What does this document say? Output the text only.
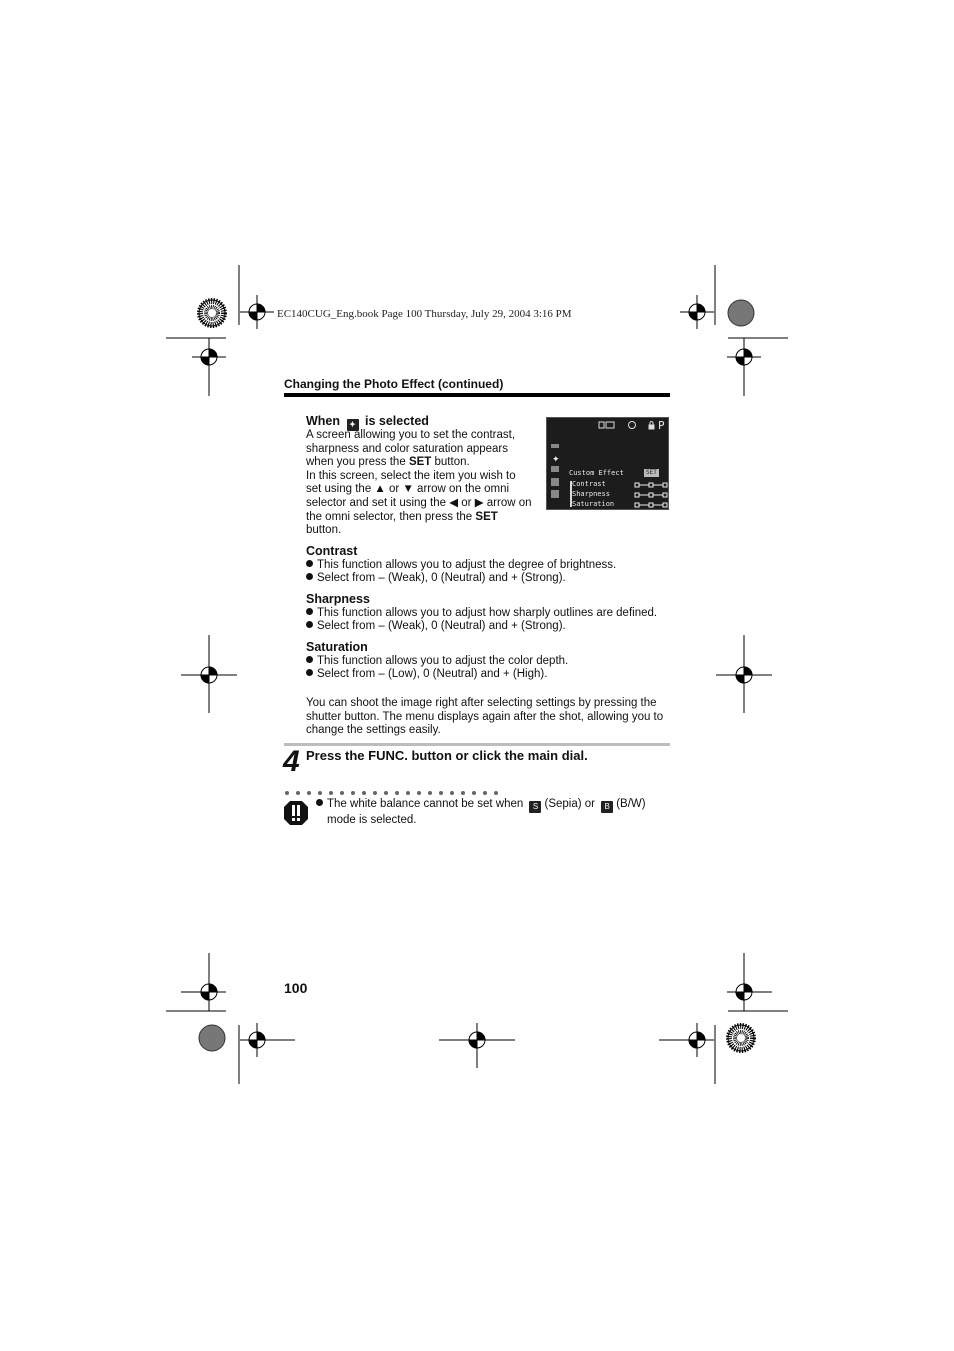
EC140CUG_Eng.book Page 100 Thursday, July 29, 2004 3:16 PM
Changing the Photo Effect (continued)
When ✦ is selected
A screen allowing you to set the contrast, sharpness and color saturation appears when you press the SET button.
In this screen, select the item you wish to set using the ▲ or ▼ arrow on the omni selector and set it using the ◀ or ▶ arrow on the omni selector, then press the SET button.
✦
P
Custom Effect	SET
Contrast
Sharpness
Saturation
Contrast
This function allows you to adjust the degree of brightness.
Select from – (Weak), 0 (Neutral) and + (Strong).
Sharpness
This function allows you to adjust how sharply outlines are defined.
Select from – (Weak), 0 (Neutral) and + (Strong).
Saturation
This function allows you to adjust the color depth.
Select from – (Low), 0 (Neutral) and + (High).
You can shoot the image right after selecting settings by pressing the shutter button. The menu displays again after the shot, allowing you to change the settings easily.
4 Press the FUNC. button or click the main dial.
The white balance cannot be set when S (Sepia) or B (B/W)
mode is selected.
100
